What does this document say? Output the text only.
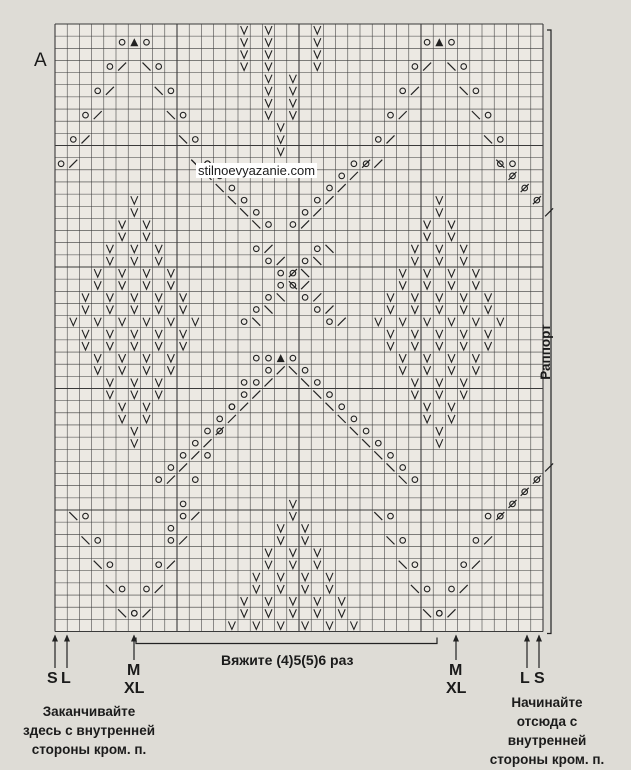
A
stilnoevyazanie.com
Раппорт
Вяжите (4)5(5)6 раз
S L	M
XL
M
XL
L S
Заканчивайте
здесь с внутренней
стороны кром. п.
Начинайте
отсюда с
внутренней
стороны кром. п.
